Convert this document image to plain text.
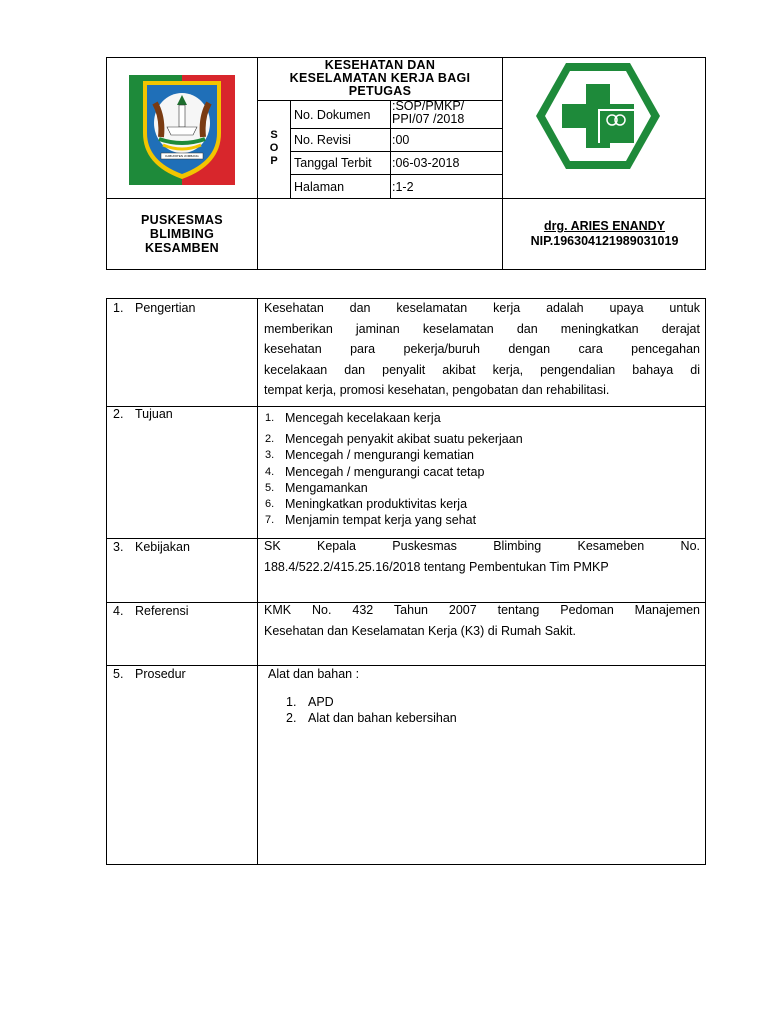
KESEHATAN DAN
KESELAMATAN KERJA BAGI
PETUGAS
S
O
P
No. Dokumen
:SOP/PMKP/
PPI/07 /2018
No. Revisi	:00
Tanggal Terbit	:06-03-2018
Halaman	:1-2
KABUPATEN JOMBANG
PUSKESMAS
BLIMBING
KESAMBEN
drg. ARIES ENANDY
NIP.196304121989031019
1. Pengertian	Kesehatan dan keselamatan kerja adalah upaya untuk
memberikan jaminan keselamatan dan meningkatkan derajat
kesehatan para pekerja/buruh dengan cara pencegahan
kecelakaan dan penyalit akibat kerja, pengendalian bahaya di
tempat kerja, promosi kesehatan, pengobatan dan rehabilitasi.
2. Tujuan	1. Mencegah kecelakaan kerja
2. Mencegah penyakit akibat suatu pekerjaan
3. Mencegah / mengurangi kematian
4. Mencegah / mengurangi cacat tetap
5. Mengamankan
6. Meningkatkan produktivitas kerja
7. Menjamin tempat kerja yang sehat
3. Kebijakan	SK Kepala Puskesmas Blimbing Kesameben No.
188.4/522.2/415.25.16/2018 tentang Pembentukan Tim PMKP
4. Referensi	KMK No. 432 Tahun 2007 tentang Pedoman Manajemen
Kesehatan dan Keselamatan Kerja (K3) di Rumah Sakit.
5. Prosedur	Alat dan bahan :
1. APD
2. Alat dan bahan kebersihan
